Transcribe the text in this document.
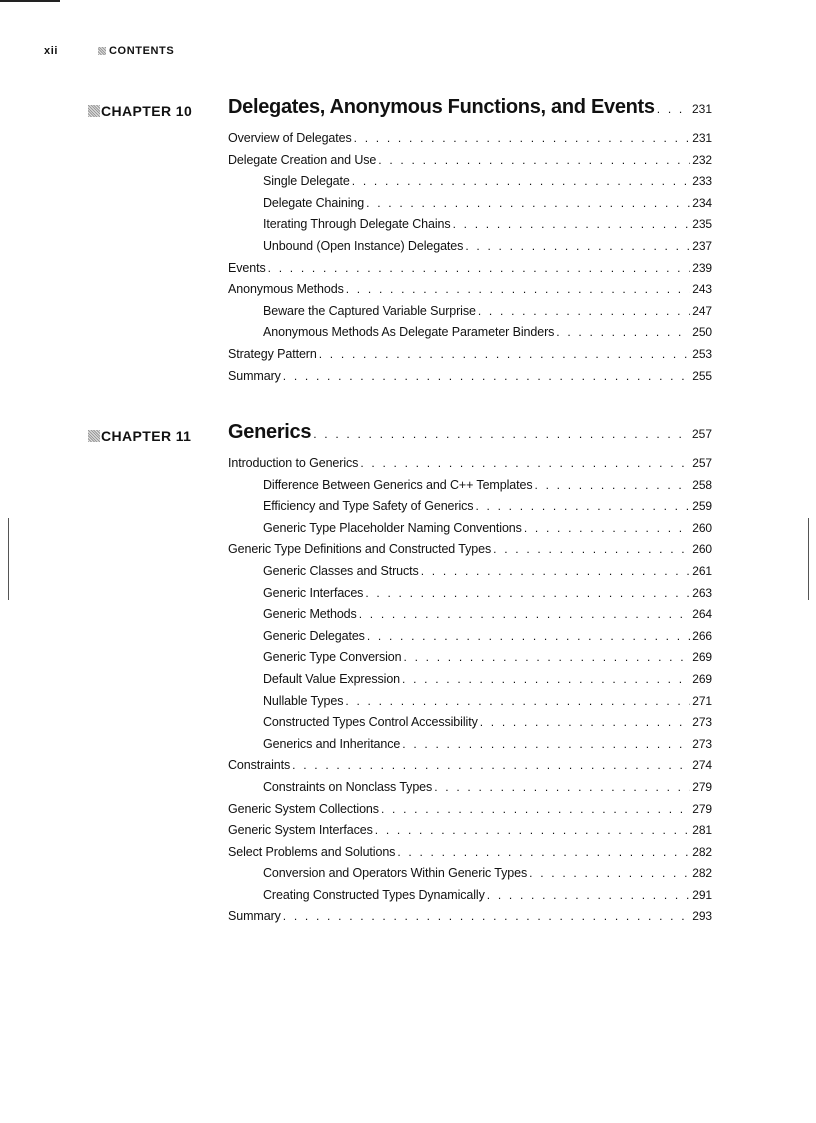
xii	CONTENTS
CHAPTER 10 Delegates, Anonymous Functions, and Events . . .	231
Overview of Delegates . . .	231
Delegate Creation and Use . . .	232
Single Delegate . . .	233
Delegate Chaining . . .	234
Iterating Through Delegate Chains . . .	235
Unbound (Open Instance) Delegates . . .	237
Events . . .	239
Anonymous Methods . . .	243
Beware the Captured Variable Surprise . . .	247
Anonymous Methods As Delegate Parameter Binders . . .	250
Strategy Pattern . . .	253
Summary . . .	255
CHAPTER 11 Generics . . .	257
Introduction to Generics . . .	257
Difference Between Generics and C++ Templates . . .	258
Efficiency and Type Safety of Generics . . .	259
Generic Type Placeholder Naming Conventions . . .	260
Generic Type Definitions and Constructed Types . . .	260
Generic Classes and Structs . . .	261
Generic Interfaces . . .	263
Generic Methods . . .	264
Generic Delegates . . .	266
Generic Type Conversion . . .	269
Default Value Expression . . .	269
Nullable Types . . .	271
Constructed Types Control Accessibility . . .	273
Generics and Inheritance . . .	273
Constraints . . .	274
Constraints on Nonclass Types . . .	279
Generic System Collections . . .	279
Generic System Interfaces . . .	281
Select Problems and Solutions . . .	282
Conversion and Operators Within Generic Types . . .	282
Creating Constructed Types Dynamically . . .	291
Summary . . .	293
